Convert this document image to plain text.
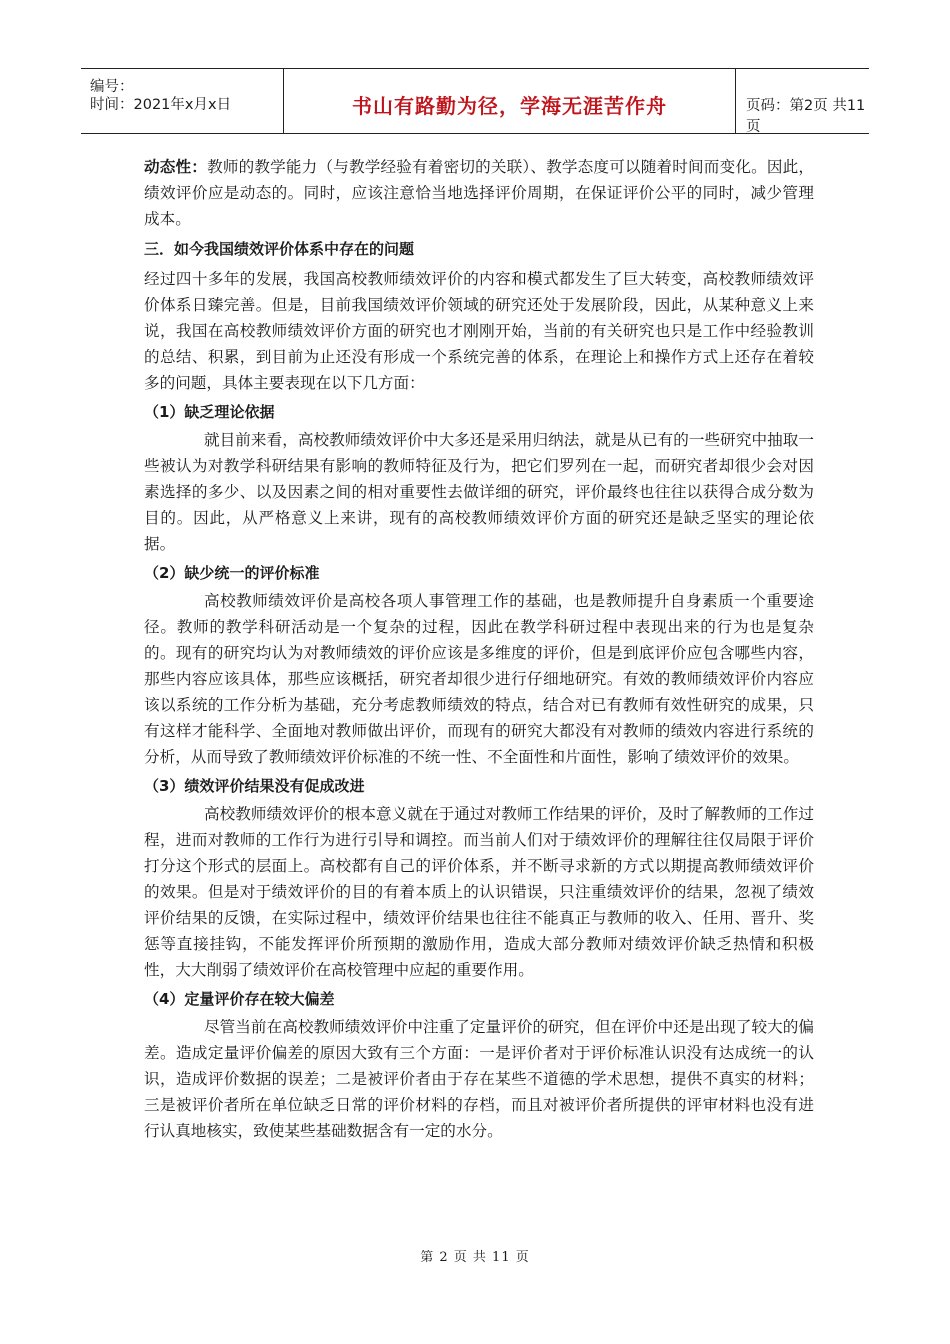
编号：
时间：2021年x月x日	书山有路勤为径，学海无涯苦作舟	页码：第2页 共11页

动态性：教师的教学能力（与教学经验有着密切的关联）、教学态度可以随着时间而变化。因此，绩效评价应是动态的。同时，应该注意恰当地选择评价周期，在保证评价公平的同时，减少管理成本。

三．如今我国绩效评价体系中存在的问题

经过四十多年的发展，我国高校教师绩效评价的内容和模式都发生了巨大转变，高校教师绩效评价体系日臻完善。但是，目前我国绩效评价领域的研究还处于发展阶段，因此，从某种意义上来说，我国在高校教师绩效评价方面的研究也才刚刚开始，当前的有关研究也只是工作中经验教训的总结、积累，到目前为止还没有形成一个系统完善的体系，在理论上和操作方式上还存在着较多的问题，具体主要表现在以下几方面：

（1）缺乏理论依据

就目前来看，高校教师绩效评价中大多还是采用归纳法，就是从已有的一些研究中抽取一些被认为对教学科研结果有影响的教师特征及行为，把它们罗列在一起，而研究者却很少会对因素选择的多少、以及因素之间的相对重要性去做详细的研究，评价最终也往往以获得合成分数为目的。因此，从严格意义上来讲，现有的高校教师绩效评价方面的研究还是缺乏坚实的理论依据。

（2）缺少统一的评价标准

高校教师绩效评价是高校各项人事管理工作的基础，也是教师提升自身素质一个重要途径。教师的教学科研活动是一个复杂的过程，因此在教学科研过程中表现出来的行为也是复杂的。现有的研究均认为对教师绩效的评价应该是多维度的评价，但是到底评价应包含哪些内容，那些内容应该具体，那些应该概括，研究者却很少进行仔细地研究。有效的教师绩效评价内容应该以系统的工作分析为基础，充分考虑教师绩效的特点，结合对已有教师有效性研究的成果，只有这样才能科学、全面地对教师做出评价，而现有的研究大都没有对教师的绩效内容进行系统的分析，从而导致了教师绩效评价标准的不统一性、不全面性和片面性，影响了绩效评价的效果。

（3）绩效评价结果没有促成改进

高校教师绩效评价的根本意义就在于通过对教师工作结果的评价，及时了解教师的工作过程，进而对教师的工作行为进行引导和调控。而当前人们对于绩效评价的理解往往仅局限于评价打分这个形式的层面上。高校都有自己的评价体系，并不断寻求新的方式以期提高教师绩效评价的效果。但是对于绩效评价的目的有着本质上的认识错误，只注重绩效评价的结果，忽视了绩效评价结果的反馈，在实际过程中，绩效评价结果也往往不能真正与教师的收入、任用、晋升、奖惩等直接挂钩，不能发挥评价所预期的激励作用，造成大部分教师对绩效评价缺乏热情和积极性，大大削弱了绩效评价在高校管理中应起的重要作用。

（4）定量评价存在较大偏差

尽管当前在高校教师绩效评价中注重了定量评价的研究，但在评价中还是出现了较大的偏差。造成定量评价偏差的原因大致有三个方面：一是评价者对于评价标准认识没有达成统一的认识，造成评价数据的误差；二是被评价者由于存在某些不道德的学术思想，提供不真实的材料；三是被评价者所在单位缺乏日常的评价材料的存档，而且对被评价者所提供的评审材料也没有进行认真地核实，致使某些基础数据含有一定的水分。

第 2 页 共 11 页
